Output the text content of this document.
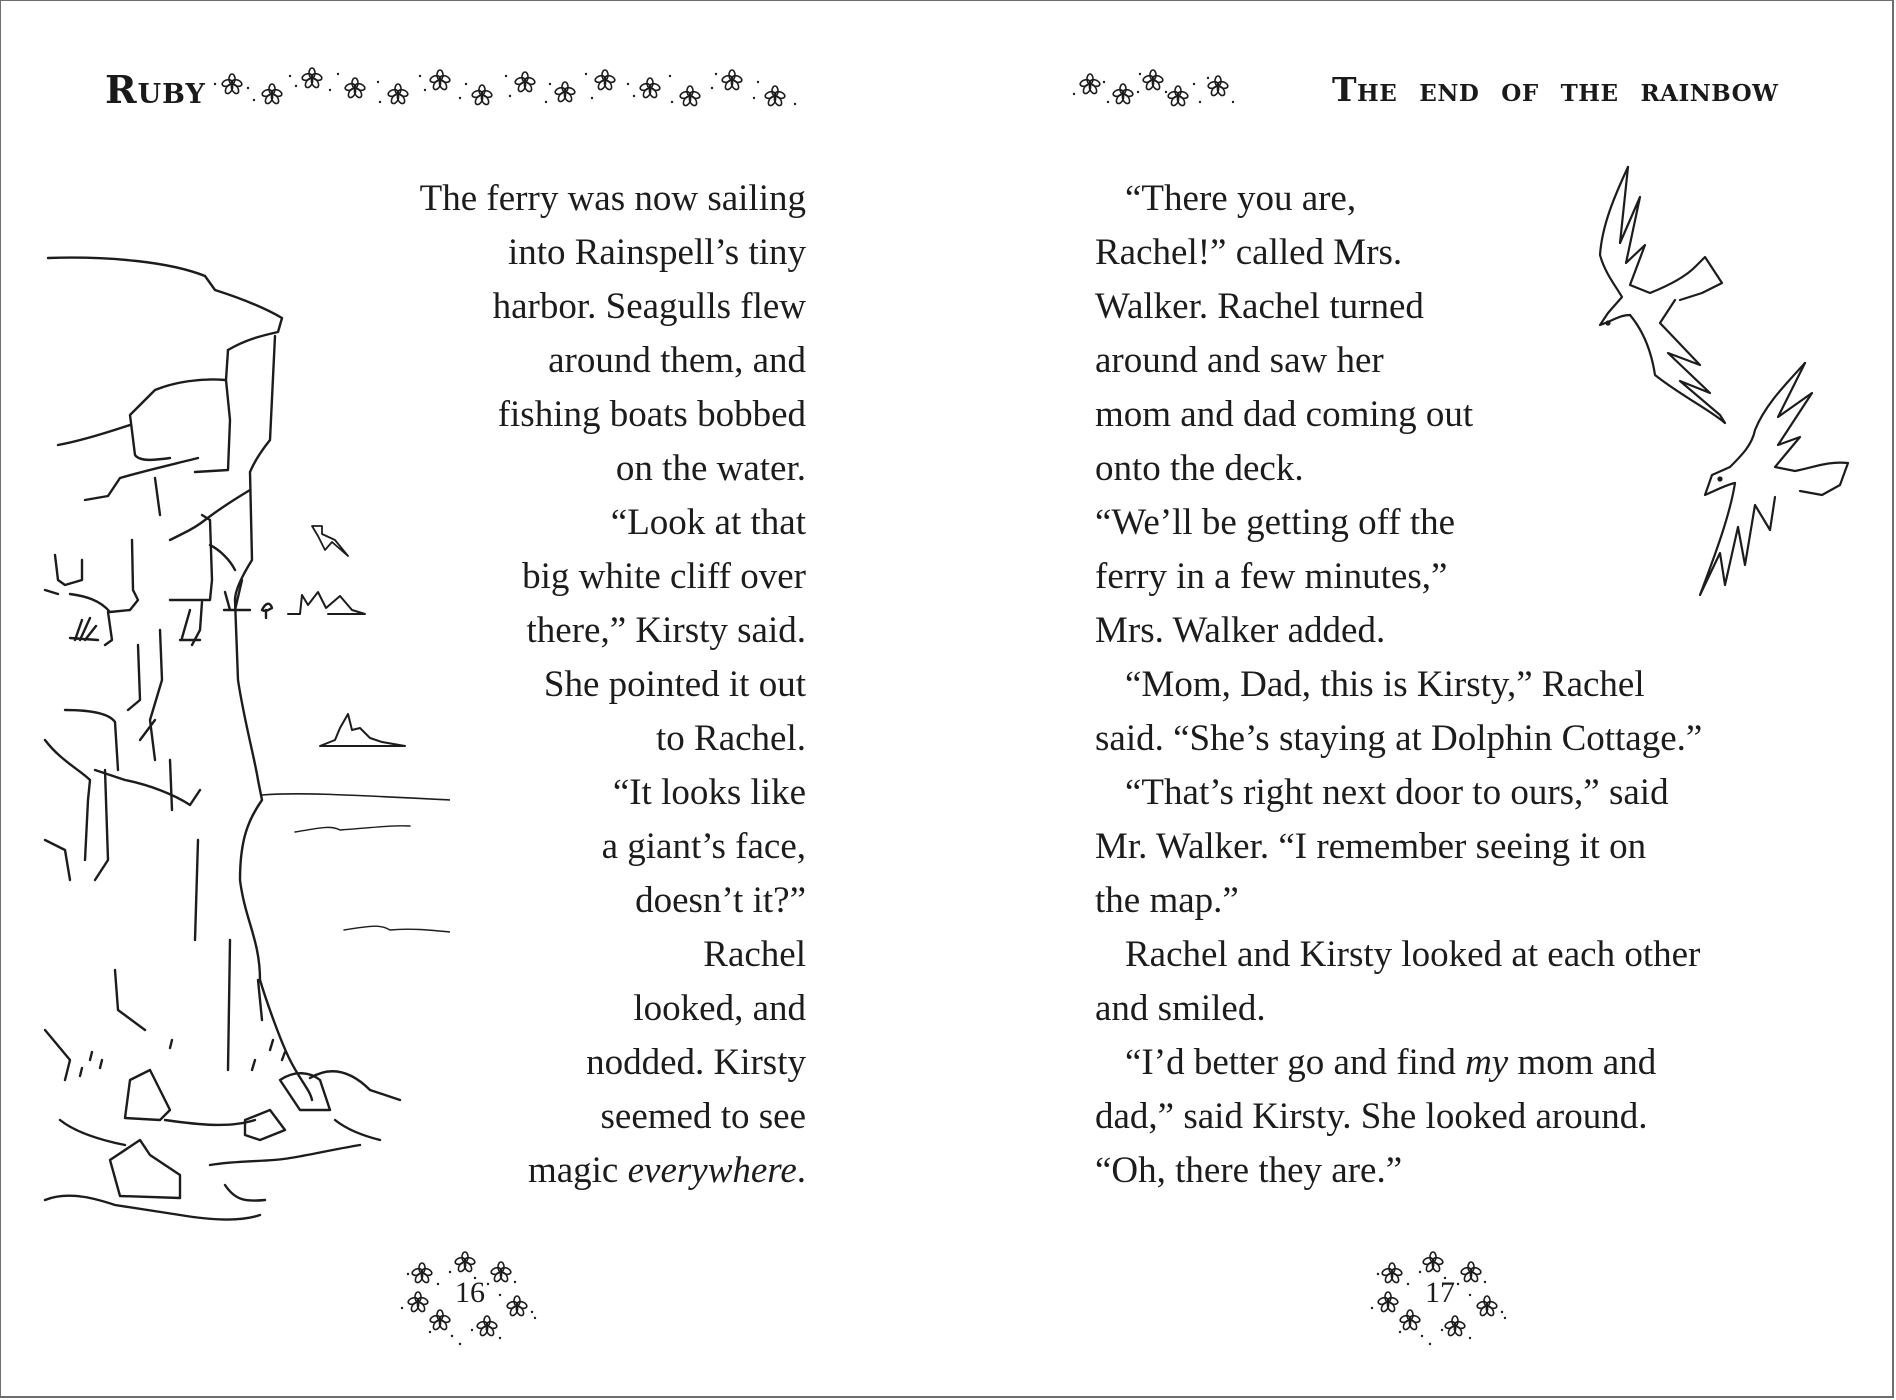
Ruby
The ferry was now sailing
into Rainspell’s tiny
harbor. Seagulls flew
around them, and
fishing boats bobbed
on the water.
“Look at that
big white cliff over
there,” Kirsty said.
She pointed it out
to Rachel.
“It looks like
a giant’s face,
doesn’t it?”
Rachel
looked, and
nodded. Kirsty
seemed to see
magic everywhere.
16
The end of the rainbow
“There you are,
Rachel!” called Mrs.
Walker. Rachel turned
around and saw her
mom and dad coming out
onto the deck.
“We’ll be getting off the
ferry in a few minutes,”
Mrs. Walker added.
“Mom, Dad, this is Kirsty,” Rachel
said. “She’s staying at Dolphin Cottage.”
“That’s right next door to ours,” said
Mr. Walker. “I remember seeing it on
the map.”
Rachel and Kirsty looked at each other
and smiled.
“I’d better go and find my mom and
dad,” said Kirsty. She looked around.
“Oh, there they are.”
17
